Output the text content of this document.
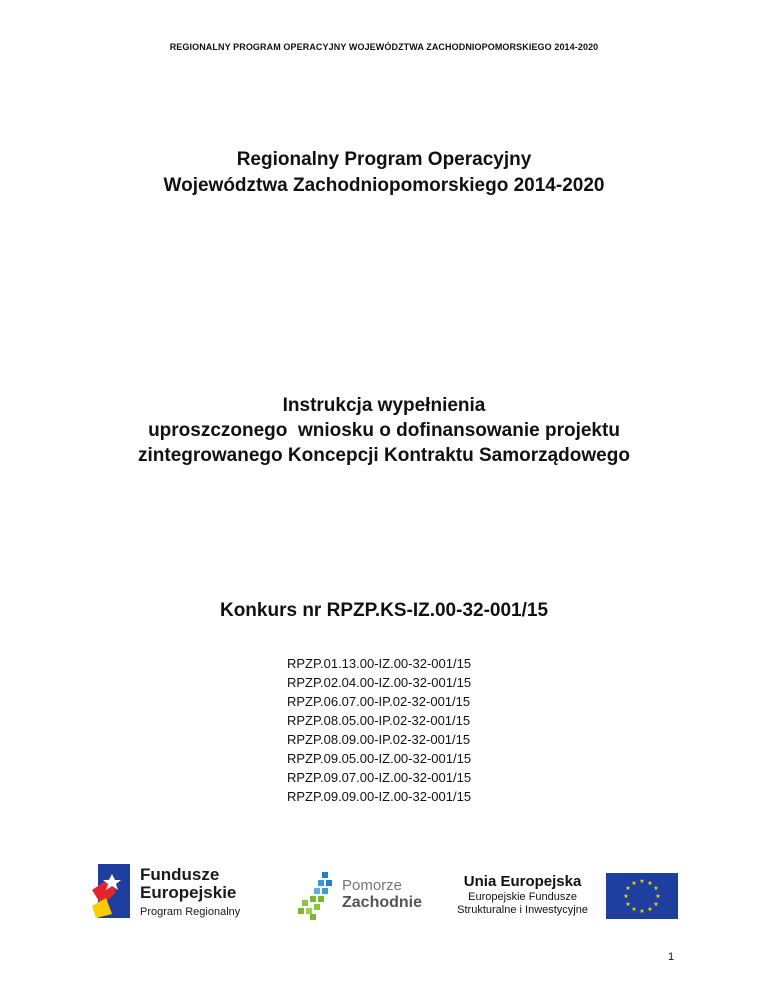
REGIONALNY PROGRAM OPERACYJNY WOJEWÓDZTWA ZACHODNIOPOMORSKIEGO 2014-2020
Regionalny Program Operacyjny
Województwa Zachodniopomorskiego 2014-2020
Instrukcja wypełnienia
uproszczonego  wniosku o dofinansowanie projektu
zintegrowanego Koncepcji Kontraktu Samorządowego
Konkurs nr RPZP.KS-IZ.00-32-001/15
RPZP.01.13.00-IZ.00-32-001/15
RPZP.02.04.00-IZ.00-32-001/15
RPZP.06.07.00-IP.02-32-001/15
RPZP.08.05.00-IP.02-32-001/15
RPZP.08.09.00-IP.02-32-001/15
RPZP.09.05.00-IZ.00-32-001/15
RPZP.09.07.00-IZ.00-32-001/15
RPZP.09.09.00-IZ.00-32-001/15
Fundusze
Europejskie
Program Regionalny
Pomorze
Zachodnie
Unia Europejska
Europejskie Fundusze
Strukturalne i Inwestycyjne
★ ★
★
★
★
★
★
★
★
★
★
★
1
